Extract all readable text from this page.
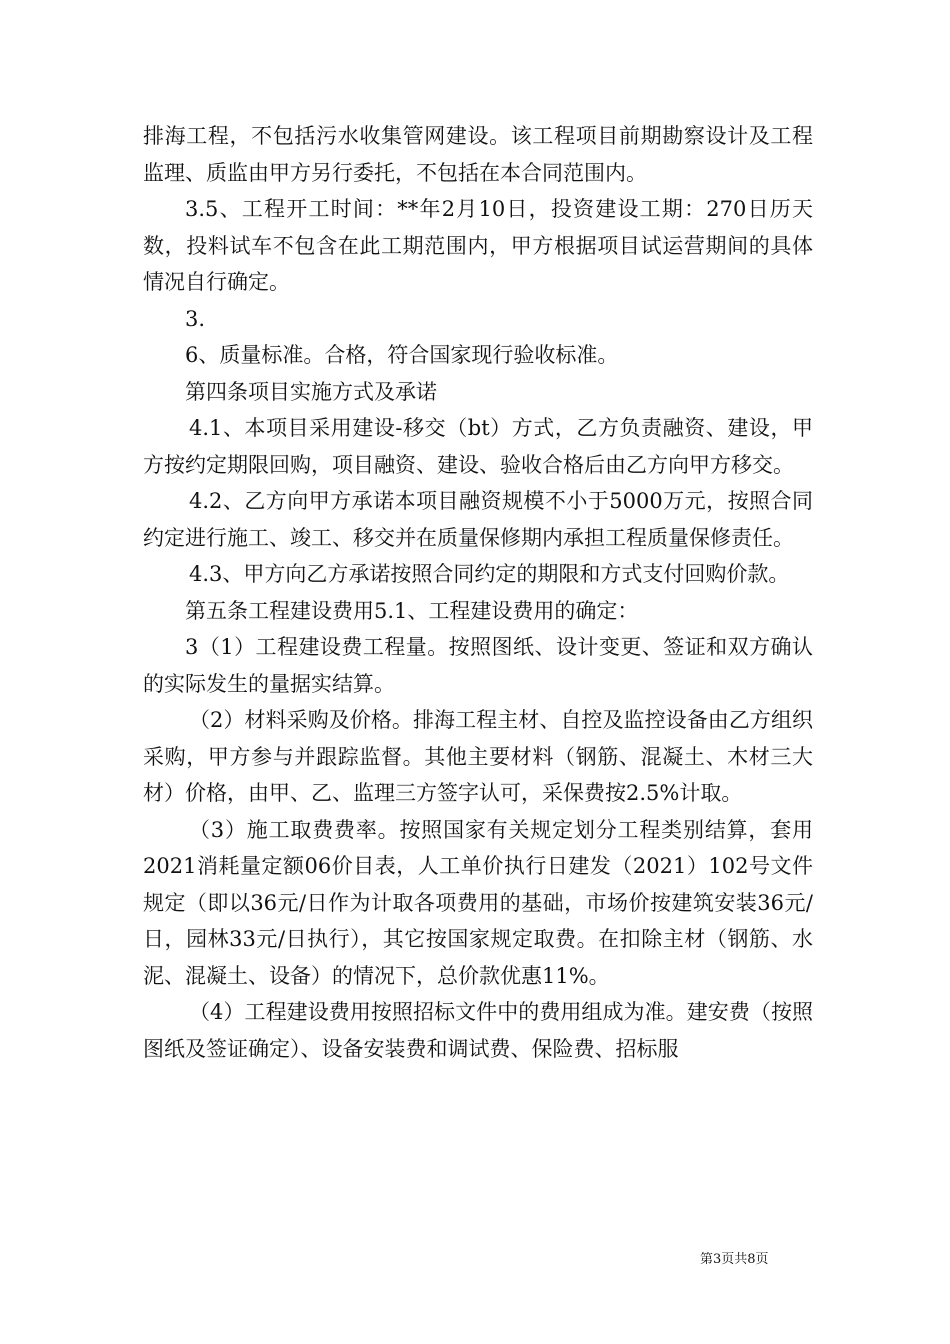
排海工程，不包括污水收集管网建设。该工程项目前期勘察设计及工程监理、质监由甲方另行委托，不包括在本合同范围内。

3.5、工程开工时间：**年2月10日，投资建设工期：270日历天数，投料试车不包含在此工期范围内，甲方根据项目试运营期间的具体情况自行确定。

3.

6、质量标准。合格，符合国家现行验收标准。

第四条项目实施方式及承诺

4.1、本项目采用建设-移交（bt）方式，乙方负责融资、建设，甲方按约定期限回购，项目融资、建设、验收合格后由乙方向甲方移交。

4.2、乙方向甲方承诺本项目融资规模不小于5000万元，按照合同约定进行施工、竣工、移交并在质量保修期内承担工程质量保修责任。

4.3、甲方向乙方承诺按照合同约定的期限和方式支付回购价款。

第五条工程建设费用5.1、工程建设费用的确定：

3（1）工程建设费工程量。按照图纸、设计变更、签证和双方确认的实际发生的量据实结算。

（2）材料采购及价格。排海工程主材、自控及监控设备由乙方组织采购，甲方参与并跟踪监督。其他主要材料（钢筋、混凝土、木材三大材）价格，由甲、乙、监理三方签字认可，采保费按2.5%计取。

（3）施工取费费率。按照国家有关规定划分工程类别结算，套用2021消耗量定额06价目表，人工单价执行日建发（2021）102号文件规定（即以36元/日作为计取各项费用的基础，市场价按建筑安装36元/日，园林33元/日执行），其它按国家规定取费。在扣除主材（钢筋、水泥、混凝土、设备）的情况下，总价款优惠11%。

（4）工程建设费用按照招标文件中的费用组成为准。建安费（按照图纸及签证确定）、设备安装费和调试费、保险费、招标服

第3页共8页
